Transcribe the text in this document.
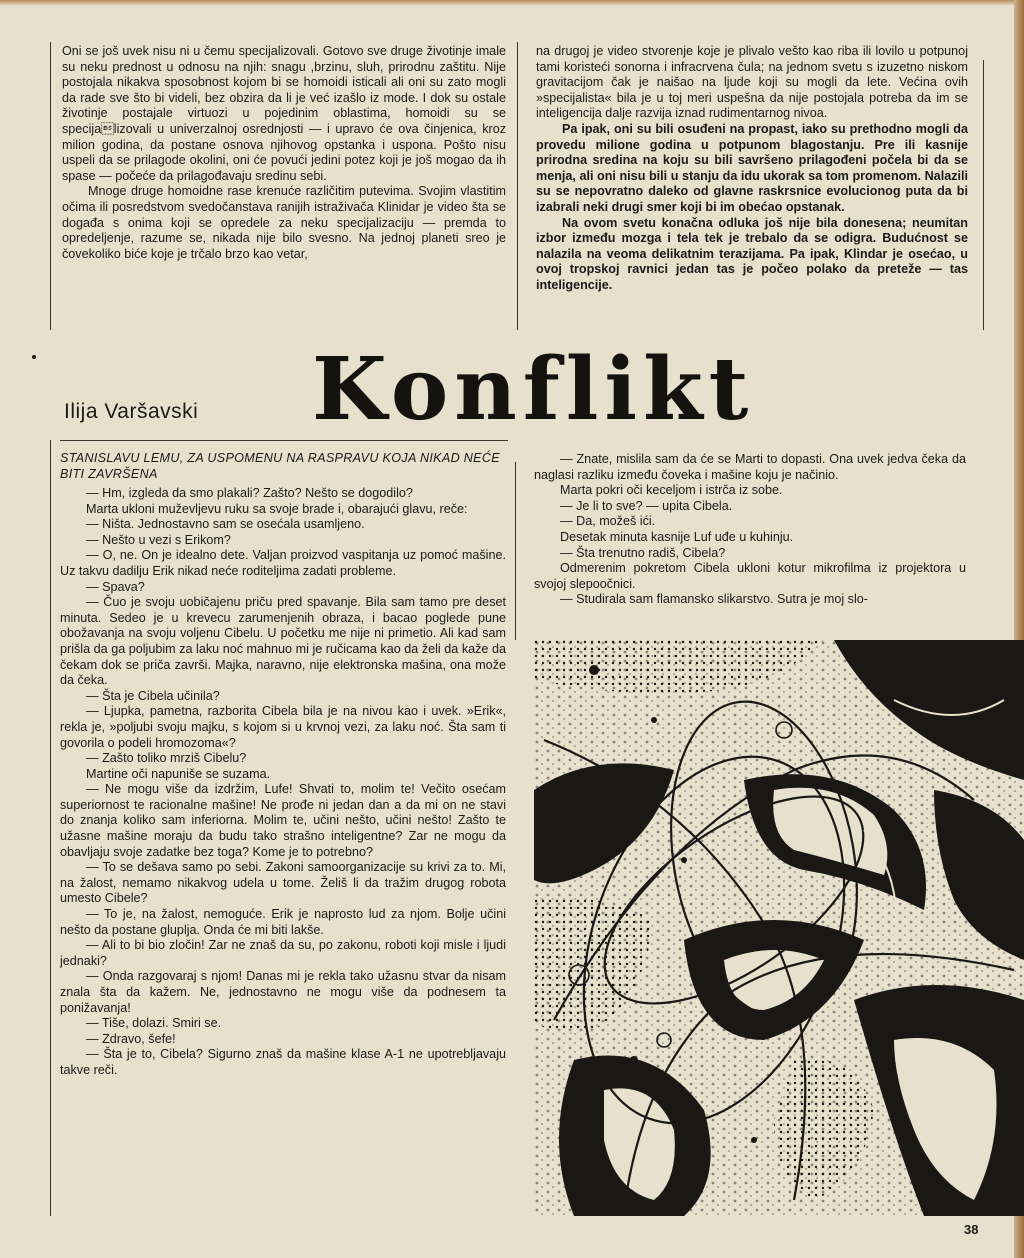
Oni se još uvek nisu ni u čemu specijalizovali. Gotovo sve druge životinje imale su neku prednost u odnosu na njih: snagu ,brzinu, sluh, prirodnu zaštitu. Nije postojala nikakva sposobnost kojom bi se homoidi isticali ali oni su zato mogli da rade sve što bi videli, bez obzira da li je već izašlo iz mode. I dok su ostale životinje postajale virtuozi u pojedinim oblastima, homoidi su se specijalizovali u univerzalnoj osrednjosti — i upravo će ova činjenica, kroz milion godina, da postane osnova njihovog opstanka i uspona. Pošto nisu uspeli da se prilagode okolini, oni će povući jedini potez koji je još mogao da ih spase — počeće da prilagođavaju sredinu sebi.

Mnoge druge homoidne rase krenuće različitim putevima. Svojim vlastitim očima ili posredstvom svedočanstava ranijih istraživača Klinidar je video šta se događa s onima koji se opredele za neku specijalizaciju — premda to opredeljenje, razume se, nikada nije bilo svesno. Na jednoj planeti sreo je čovekoliko biće koje je trčalo brzo kao vetar,

na drugoj je video stvorenje koje je plivalo vešto kao riba ili lovilo u potpunoj tami koristeći sonorna i infracrvena čula; na jednom svetu s izuzetno niskom gravitacijom čak je naišao na ljude koji su mogli da lete. Većina ovih »specijalista« bila je u toj meri uspešna da nije postojala potreba da im se inteligencija dalje razvija iznad rudimentarnog nivoa.

Pa ipak, oni su bili osuđeni na propast, iako su prethodno mogli da provedu milione godina u potpunom blagostanju. Pre ili kasnije prirodna sredina na koju su bili savršeno prilagođeni počela bi da se menja, ali oni nisu bili u stanju da idu ukorak sa tom promenom. Nalazili su se nepovratno daleko od glavne raskrsnice evolucionog puta da bi izabrali neki drugi smer koji bi im obećao opstanak.

Na ovom svetu konačna odluka još nije bila donesena; neumitan izbor između mozga i tela tek je trebalo da se odigra. Budućnost se nalazila na veoma delikatnim terazijama. Pa ipak, Klindar je osećao, u ovoj tropskoj ravnici jedan tas je počeo polako da preteže — tas inteligencije.

Ilija Varšavski Konflikt
STANISLAVU LEMU, ZA USPOMENU NA RASPRAVU KOJA NIKAD NEĆE BITI ZAVRŠENA

— Hm, izgleda da smo plakali? Zašto? Nešto se dogodilo?

Marta ukloni muževljevu ruku sa svoje brade i, obarajući glavu, reče:

— Ništa. Jednostavno sam se osećala usamljeno.

— Nešto u vezi s Erikom?

— O, ne. On je idealno dete. Valjan proizvod vaspitanja uz pomoć mašine. Uz takvu dadilju Erik nikad neće roditeljima zadati probleme.

— Spava?

— Čuo je svoju uobičajenu priču pred spavanje. Bila sam tamo pre deset minuta. Sedeo je u krevecu zarumenjenih obraza, i bacao poglede pune obožavanja na svoju voljenu Cibelu. U početku me nije ni primetio. Ali kad sam prišla da ga poljubim za laku noć mahnuo mi je ručicama kao da želi da kaže da čekam dok se priča završi. Majka, naravno, nije elektronska mašina, ona može da čeka.

— Šta je Cibela učinila?

— Ljupka, pametna, razborita Cibela bila je na nivou kao i uvek. »Erik«, rekla je, »poljubi svoju majku, s kojom si u krvnoj vezi, za laku noć. Šta sam ti govorila o podeli hromozoma«?

— Zašto toliko mrziš Cibelu?

Martine oči napuniše se suzama.

— Ne mogu više da izdržim, Lufe! Shvati to, molim te! Večito osećam superiornost te racionalne mašine! Ne prođe ni jedan dan a da mi on ne stavi do znanja koliko sam inferiorna. Molim te, učini nešto, učini nešto! Zašto te užasne mašine moraju da budu tako strašno inteligentne? Zar ne mogu da obavljaju svoje zadatke bez toga? Kome je to potrebno?

— To se dešava samo po sebi. Zakoni samoorganizacije su krivi za to. Mi, na žalost, nemamo nikakvog udela u tome. Želiš li da tražim drugog robota umesto Cibele?

— To je, na žalost, nemoguće. Erik je naprosto lud za njom. Bolje učini nešto da postane gluplja. Onda će mi biti lakše.

— Ali to bi bio zločin! Zar ne znaš da su, po zakonu, roboti koji misle i ljudi jednaki?

— Onda razgovaraj s njom! Danas mi je rekla tako užasnu stvar da nisam znala šta da kažem. Ne, jednostavno ne mogu više da podnesem ta ponižavanja!

— Tiše, dolazi. Smiri se.

— Zdravo, šefe!

— Šta je to, Cibela? Sigurno znaš da mašine klase A-1 ne upotrebljavaju takve reči.

— Znate, mislila sam da će se Marti to dopasti. Ona uvek jedva čeka da naglasi razliku između čoveka i mašine koju je načinio.

Marta pokri oči keceljom i istrča iz sobe.

— Je li to sve? — upita Cibela.

— Da, možeš ići.

Desetak minuta kasnije Luf uđe u kuhinju.

— Šta trenutno radiš, Cibela?

Odmerenim pokretom Cibela ukloni kotur mikrofilma iz projektora u svojoj slepoočnici.

— Studirala sam flamansko slikarstvo. Sutra je moj slo-

38
